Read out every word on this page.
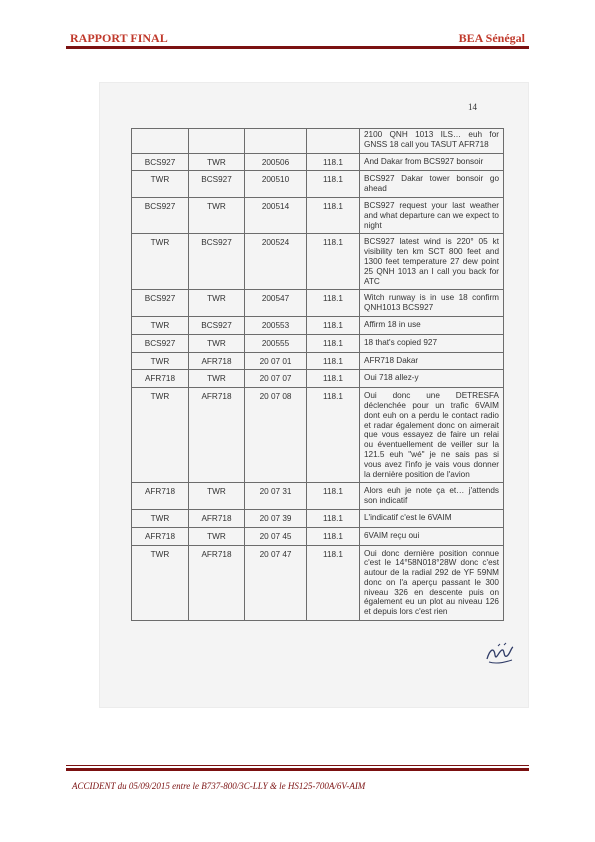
RAPPORT FINAL	BEA Sénégal
14
				2100 QNH 1013 ILS… euh for GNSS 18 call you TASUT AFR718
BCS927	TWR	200506	118.1	And Dakar from BCS927 bonsoir
TWR	BCS927	200510	118.1	BCS927 Dakar tower bonsoir go ahead
BCS927	TWR	200514	118.1	BCS927 request your last weather and what departure can we expect to night
TWR	BCS927	200524	118.1	BCS927 latest wind is 220° 05 kt visibility ten km SCT 800 feet and 1300 feet temperature 27 dew point 25 QNH 1013 an I call you back for ATC
BCS927	TWR	200547	118.1	Witch runway is in use 18 confirm QNH1013 BCS927
TWR	BCS927	200553	118.1	Affirm 18 in use
BCS927	TWR	200555	118.1	18 that's copied 927
TWR	AFR718	20 07 01	118.1	AFR718 Dakar
AFR718	TWR	20 07 07	118.1	Oui 718 allez-y
TWR	AFR718	20 07 08	118.1	Oui donc une DETRESFA déclenchée pour un trafic 6VAIM dont euh on a perdu le contact radio et radar également donc on aimerait que vous essayez de faire un relai ou éventuellement de veiller sur la 121.5 euh "wé" je ne sais pas si vous avez l'info je vais vous donner la dernière position de l'avion
AFR718	TWR	20 07 31	118.1	Alors euh je note ça et… j'attends son indicatif
TWR	AFR718	20 07 39	118.1	L'indicatif c'est le 6VAIM
AFR718	TWR	20 07 45	118.1	6VAIM reçu oui
TWR	AFR718	20 07 47	118.1	Oui donc dernière position connue c'est le 14°58N018°28W donc c'est autour de la radial 292 de YF 59NM donc on l'a aperçu passant le 300 niveau 326 en descente puis on également eu un plot au niveau 126 et depuis lors c'est rien
ACCIDENT du 05/09/2015 entre le B737-800/3C-LLY & le HS125-700A/6V-AIM
